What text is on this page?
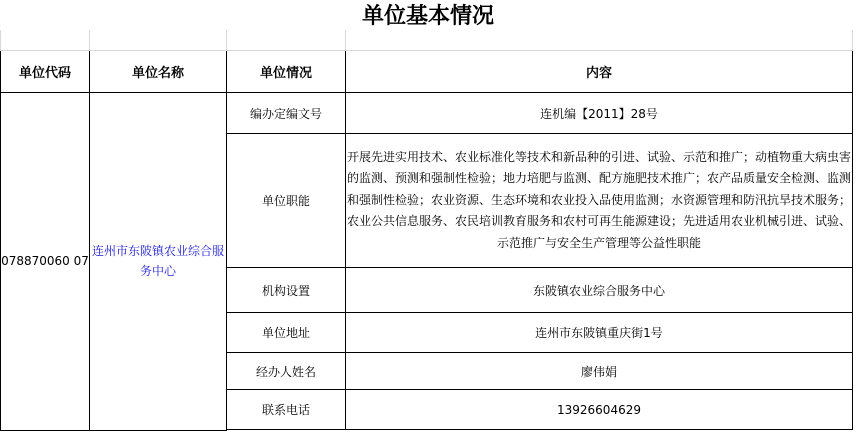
单位基本情况

单位代码	单位名称	单位情况	内容
078870060 07	连州市东陂镇农业综合服务中心	编办定编文号	连机编【2011】28号
		单位职能	开展先进实用技术、农业标准化等技术和新品种的引进、试验、示范和推广；动植物重大病虫害的监测、预测和强制性检验；地力培肥与监测、配方施肥技术推广；农产品质量安全检测、监测和强制性检验；农业资源、生态环境和农业投入品使用监测；水资源管理和防汛抗旱技术服务；农业公共信息服务、农民培训教育服务和农村可再生能源建设；先进适用农业机械引进、试验、示范推广与安全生产管理等公益性职能
		机构设置	东陂镇农业综合服务中心
		单位地址	连州市东陂镇重庆街1号
		经办人姓名	廖伟娟
		联系电话	13926604629
